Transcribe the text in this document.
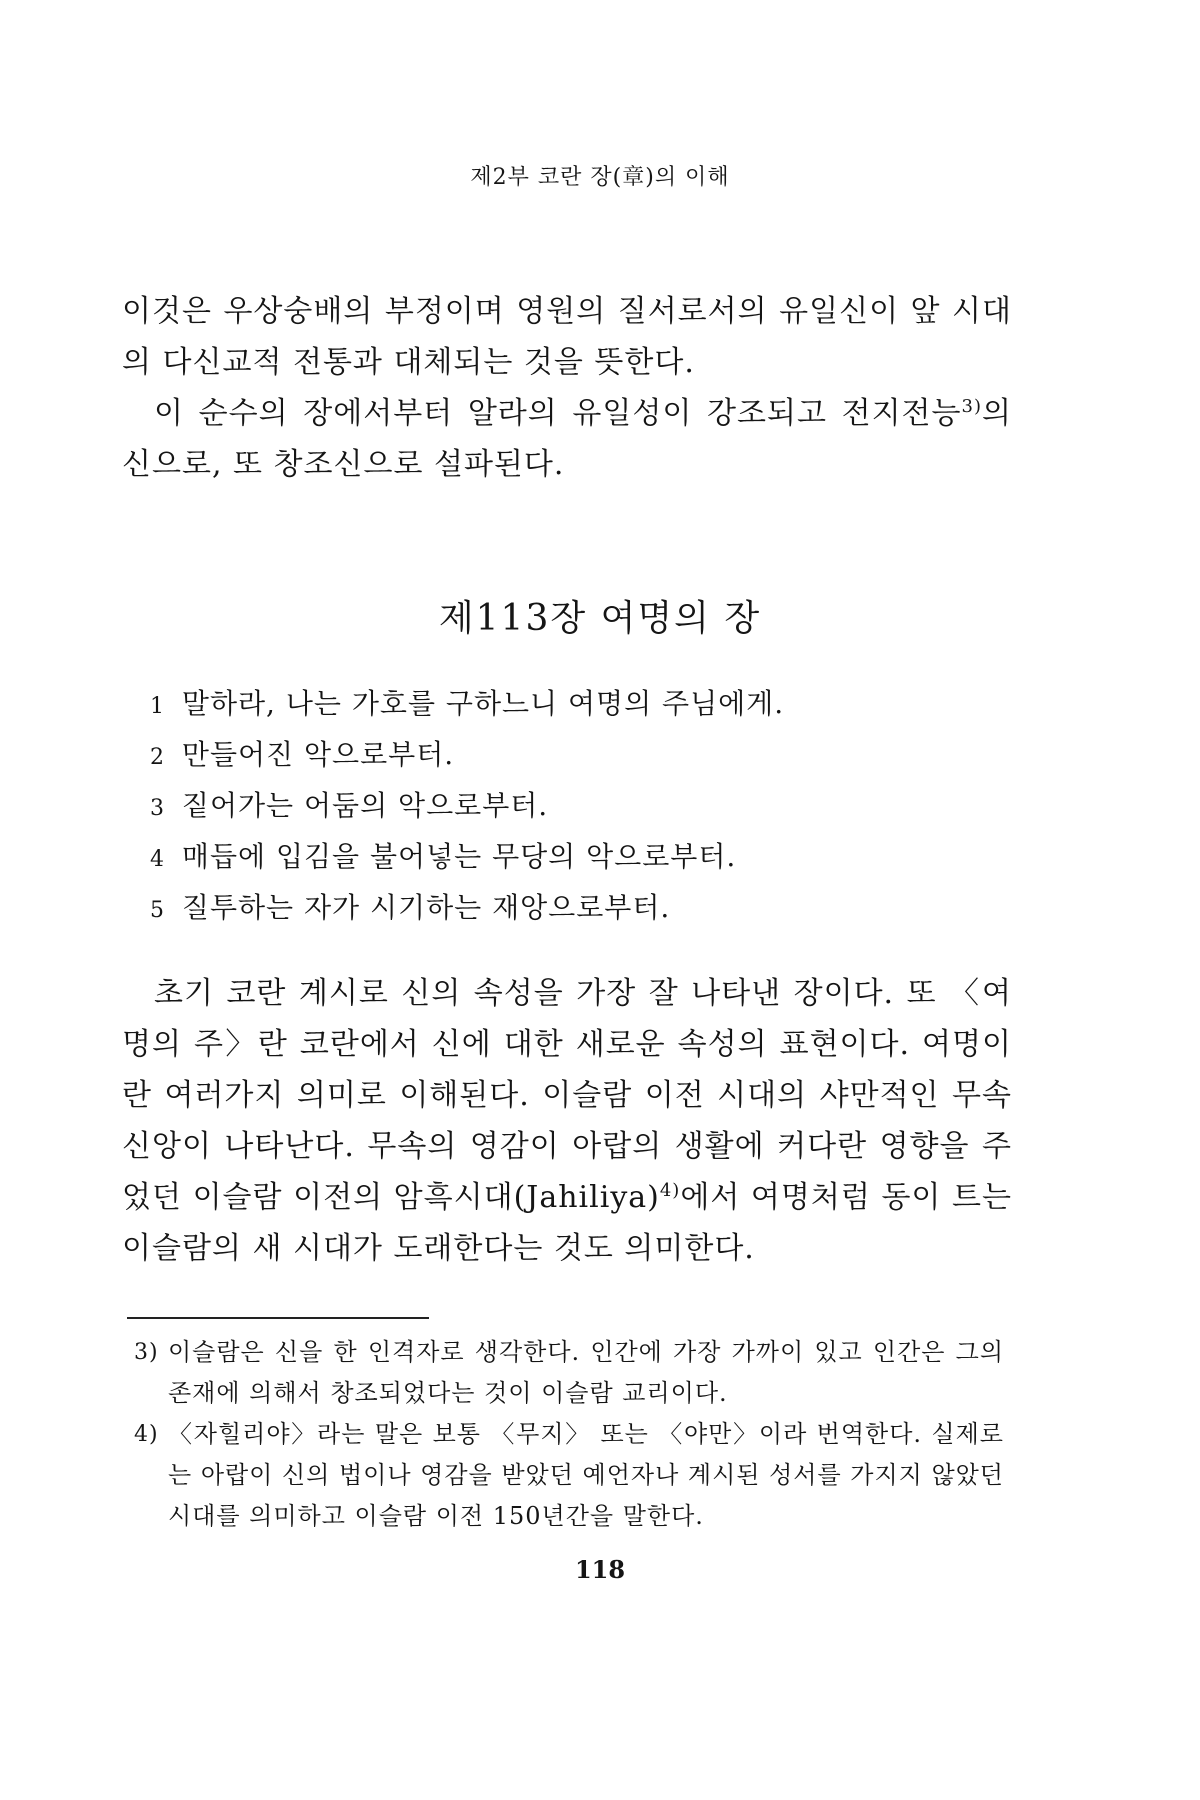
제2부 코란 장(章)의 이해

이것은 우상숭배의 부정이며 영원의 질서로서의 유일신이 앞 시대의 다신교적 전통과 대체되는 것을 뜻한다.

이 순수의 장에서부터 알라의 유일성이 강조되고 전지전능$^{3)}$의 신으로, 또 창조신으로 설파된다.

제113장 여명의 장
1 말하라, 나는 가호를 구하느니 여명의 주님에게.
2 만들어진 악으로부터.
3 짙어가는 어둠의 악으로부터.
4 매듭에 입김을 불어넣는 무당의 악으로부터.
5 질투하는 자가 시기하는 재앙으로부터.

초기 코란 계시로 신의 속성을 가장 잘 나타낸 장이다. 또 〈여명의 주〉란 코란에서 신에 대한 새로운 속성의 표현이다. 여명이란 여러가지 의미로 이해된다. 이슬람 이전 시대의 샤만적인 무속 신앙이 나타난다. 무속의 영감이 아랍의 생활에 커다란 영향을 주었던 이슬람 이전의 암흑시대(Jahiliya)$^{4)}$에서 여명처럼 동이 트는 이슬람의 새 시대가 도래한다는 것도 의미한다.

3) 이슬람은 신을 한 인격자로 생각한다. 인간에 가장 가까이 있고 인간은 그의 존재에 의해서 창조되었다는 것이 이슬람 교리이다.
4) 〈자힐리야〉라는 말은 보통 〈무지〉 또는 〈야만〉이라 번역한다. 실제로는 아랍이 신의 법이나 영감을 받았던 예언자나 계시된 성서를 가지지 않았던 시대를 의미하고 이슬람 이전 150년간을 말한다.
118
